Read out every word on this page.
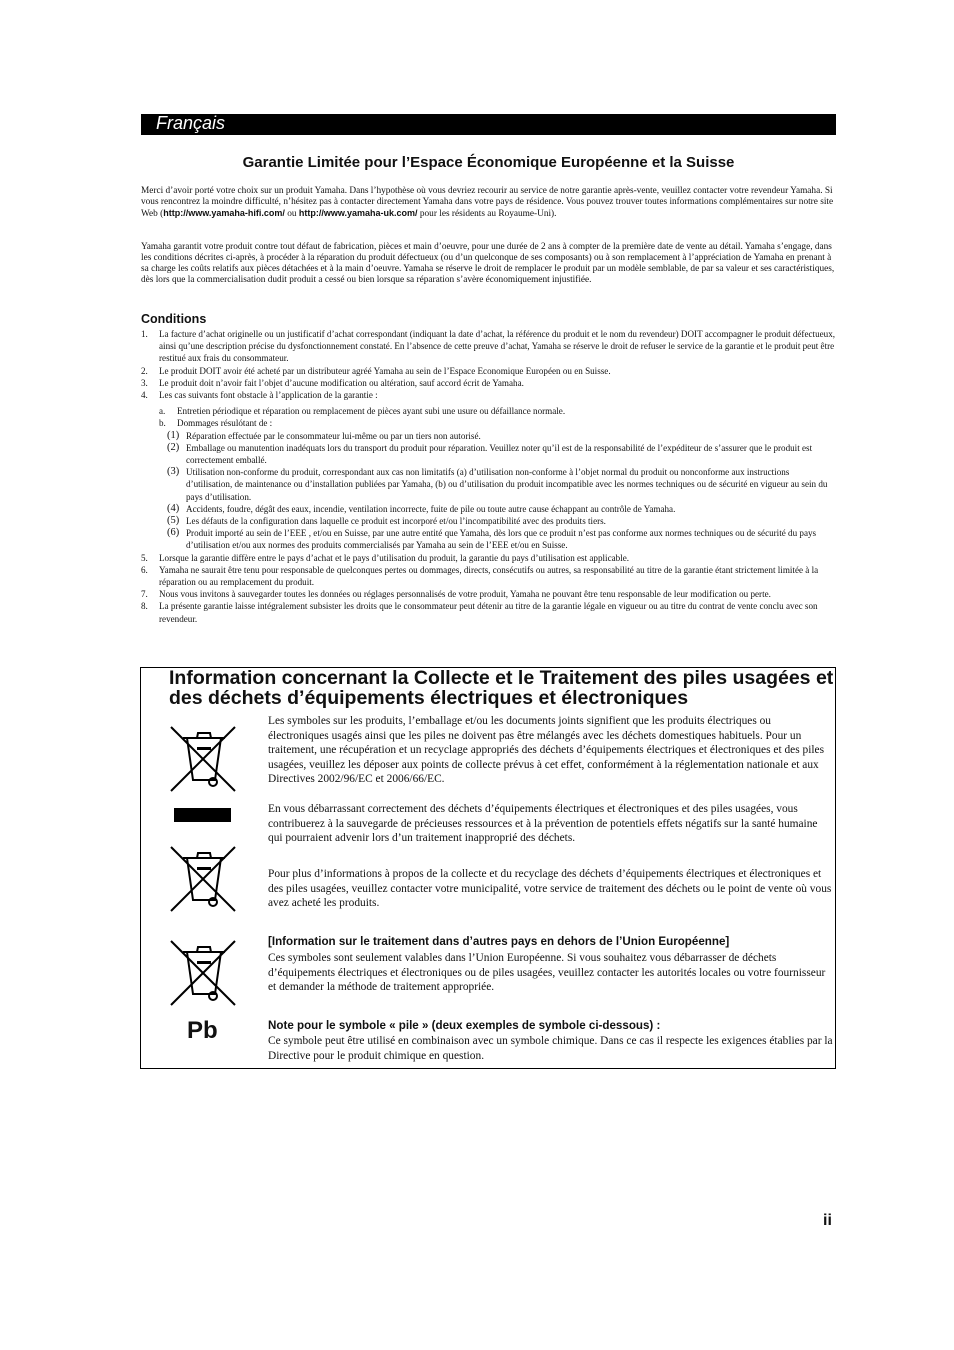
Français
Garantie Limitée pour l’Espace Économique Européenne et la Suisse

Merci d’avoir porté votre choix sur un produit Yamaha. Dans l’hypothèse où vous devriez recourir au service de notre garantie après-vente, veuillez contacter votre revendeur Yamaha. Si vous rencontrez la moindre difficulté, n’hésitez pas à contacter directement Yamaha dans votre pays de résidence. Vous pouvez trouver toutes informations complémentaires sur notre site Web (http://www.yamaha-hifi.com/ ou http://www.yamaha-uk.com/ pour les résidents au Royaume-Uni).

Yamaha garantit votre produit contre tout défaut de fabrication, pièces et main d’oeuvre, pour une durée de 2 ans à compter de la première date de vente au détail. Yamaha s’engage, dans les conditions décrites ci-après, à procéder à la réparation du produit défectueux (ou d’un quelconque de ses composants) ou à son remplacement à l’appréciation de Yamaha en prenant à sa charge les coûts relatifs aux pièces détachées et à la main d’oeuvre. Yamaha se réserve le droit de remplacer le produit par un modèle semblable, de par sa valeur et ses caractéristiques, dès lors que la commercialisation dudit produit a cessé ou bien lorsque sa réparation s’avère économiquement injustifiée.

Conditions
1. La facture d’achat originelle ou un justificatif d’achat correspondant (indiquant la date d’achat, la référence du produit et le nom du revendeur) DOIT accompagner le produit défectueux, ainsi qu’une description précise du dysfonctionnement constaté. En l’absence de cette preuve d’achat, Yamaha se réserve le droit de refuser le service de la garantie et le produit peut être restitué aux frais du consommateur.
2. Le produit DOIT avoir été acheté par un distributeur agréé Yamaha au sein de l’Espace Economique Européen ou en Suisse.
3. Le produit doit n’avoir fait l’objet d’aucune modification ou altération, sauf accord écrit de Yamaha.
4. Les cas suivants font obstacle à l’application de la garantie :
a. Entretien périodique et réparation ou remplacement de pièces ayant subi une usure ou défaillance normale.
b. Dommages résulótant de :
(1) Réparation effectuée par le consommateur lui-même ou par un tiers non autorisé.
(2) Emballage ou manutention inadéquats lors du transport du produit pour réparation. Veuillez noter qu’il est de la responsabilité de l’expéditeur de s’assurer que le produit est correctement emballé.
(3) Utilisation non-conforme du produit, correspondant aux cas non limitatifs (a) d’utilisation non-conforme à l’objet normal du produit ou nonconforme aux instructions d’utilisation, de maintenance ou d’installation publiées par Yamaha, (b) ou d’utilisation du produit incompatible avec les normes techniques ou de sécurité en vigueur au sein du pays d’utilisation.
(4) Accidents, foudre, dégât des eaux, incendie, ventilation incorrecte, fuite de pile ou toute autre cause échappant au contrôle de Yamaha.
(5) Les défauts de la configuration dans laquelle ce produit est incorporé et/ou l’incompatibilité avec des produits tiers.
(6) Produit importé au sein de l’EEE , et/ou en Suisse, par une autre entité que Yamaha, dès lors que ce produit n’est pas conforme aux normes techniques ou de sécurité du pays d’utilisation et/ou aux normes des produits commercialisés par Yamaha au sein de l’EEE et/ou en Suisse.
5. Lorsque la garantie diffère entre le pays d’achat et le pays d’utilisation du produit, la garantie du pays d’utilisation est applicable.
6. Yamaha ne saurait être tenu pour responsable de quelconques pertes ou dommages, directs, consécutifs ou autres, sa responsabilité au titre de la garantie étant strictement limitée à la réparation ou au remplacement du produit.
7. Nous vous invitons à sauvegarder toutes les données ou réglages personnalisés de votre produit, Yamaha ne pouvant être tenu responsable de leur modification ou perte.
8. La présente garantie laisse intégralement subsister les droits que le consommateur peut détenir au titre de la garantie légale en vigueur ou au titre du contrat de vente conclu avec son revendeur.
Information concernant la Collecte et le Traitement des piles usagées et des déchets d’équipements électriques et électroniques
Pb

Les symboles sur les produits, l’emballage et/ou les documents joints signifient que les produits électriques ou électroniques usagés ainsi que les piles ne doivent pas être mélangés avec les déchets domestiques habituels. Pour un traitement, une récupération et un recyclage appropriés des déchets d’équipements électriques et électroniques et des piles usagées, veuillez les déposer aux points de collecte prévus à cet effet, conformément à la réglementation nationale et aux Directives 2002/96/EC et 2006/66/EC.

En vous débarrassant correctement des déchets d’équipements électriques et électroniques et des piles usagées, vous contribuerez à la sauvegarde de précieuses ressources et à la prévention de potentiels effets négatifs sur la santé humaine qui pourraient advenir lors d’un traitement inapproprié des déchets.

Pour plus d’informations à propos de la collecte et du recyclage des déchets d’équipements électriques et électroniques et des piles usagées, veuillez contacter votre municipalité, votre service de traitement des déchets ou le point de vente où vous avez acheté les produits.

[Information sur le traitement dans d’autres pays en dehors de l’Union Européenne]

Ces symboles sont seulement valables dans l’Union Européenne. Si vous souhaitez vous débarrasser de déchets d’équipements électriques et électroniques ou de piles usagées, veuillez contacter les autorités locales ou votre fournisseur et demander la méthode de traitement appropriée.

Note pour le symbole « pile » (deux exemples de symbole ci-dessous) :

Ce symbole peut être utilisé en combinaison avec un symbole chimique. Dans ce cas il respecte les exigences établies par la Directive pour le produit chimique en question.

ii
